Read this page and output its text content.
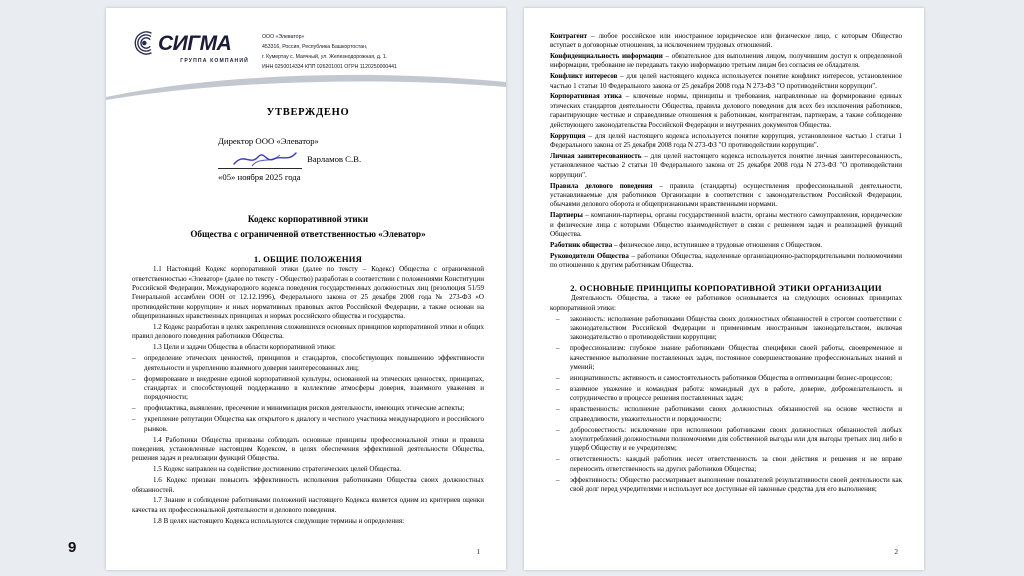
9
СИГМА
ГРУППА КОМПАНИЙ
ООО «Элеватор»
453316, Россия, Республика Башкортостан,
г. Кумертау с. Маячный, ул. Железнодорожная, д. 1.
ИНН 0250014334 КПП 026201001 ОГРН 1120250000441
УТВЕРЖДЕНО
Директор ООО «Элеватор»
Варламов С.В.
«05» ноября 2025 года
Кодекс корпоративной этики
Общества с ограниченной ответственностью «Элеватор»
1. ОБЩИЕ ПОЛОЖЕНИЯ

1.1 Настоящий Кодекс корпоративной этики (далее по тексту – Кодекс) Общества с ограниченной ответственностью «Элеватор» (далее по тексту - Общество) разработан в соответствии с положениями Конституции Российской Федерации, Международного кодекса поведения государственных должностных лиц (резолюция 51/59 Генеральной ассамблеи ООН от 12.12.1996), Федерального закона от 25 декабря 2008 года № 273-ФЗ «О противодействии коррупции» и иных нормативных правовых актов Российской Федерации, а также основан на общепризнанных нравственных принципах и нормах российского общества и государства.

1.2 Кодекс разработан в целях закрепления сложившихся основных принципов корпоративной этики и общих правил делового поведения работников Общества.

1.3 Цели и задачи Общества в области корпоративной этики:

– определение этических ценностей, принципов и стандартов, способствующих повышению эффективности деятельности и укреплению взаимного доверия заинтересованных лиц;

– формирование и внедрение единой корпоративной культуры, основанной на этических ценностях, принципах, стандартах и способствующей поддержанию в коллективе атмосферы доверия, взаимного уважения и порядочности;

– профилактика, выявление, пресечение и минимизация рисков деятельности, имеющих этические аспекты;

– укрепление репутации Общества как открытого к диалогу и честного участника международного и российского рынков.

1.4 Работники Общества призваны соблюдать основные принципы профессиональной этики и правила поведения, установленные настоящим Кодексом, в целях обеспечения эффективной деятельности Общества, решения задач и реализации функций Общества.

1.5 Кодекс направлен на содействие достижению стратегических целей Общества.

1.6 Кодекс призван повысить эффективность исполнения работниками Общества своих должностных обязанностей.

1.7 Знание и соблюдение работниками положений настоящего Кодекса является одним из критериев оценки качества их профессиональной деятельности и делового поведения.

1.8 В целях настоящего Кодекса используются следующие термины и определения:

1

Контрагент – любое российское или иностранное юридическое или физическое лицо, с которым Общество вступает в договорные отношения, за исключением трудовых отношений.

Конфиденциальность информации – обязательное для выполнения лицом, получившим доступ к определенной информации, требование не передавать такую информацию третьим лицам без согласия ее обладателя.

Конфликт интересов – для целей настоящего кодекса используется понятие конфликт интересов, установленное частью 1 статьи 10 Федерального закона от 25 декабря 2008 года N 273-ФЗ "О противодействии коррупции".

Корпоративная этика – ключевые нормы, принципы и требования, направленные на формирование единых этических стандартов деятельности Общества, правила делового поведения для всех без исключения работников, гарантирующие честные и справедливые отношения к работникам, контрагентам, партнерам, а также соблюдение действующего законодательства Российской Федерации и внутренних документов Общества.

Коррупция – для целей настоящего кодекса используется понятие коррупция, установленное частью 1 статьи 1 Федерального закона от 25 декабря 2008 года N 273-ФЗ "О противодействии коррупции".

Личная заинтересованность – для целей настоящего кодекса используется понятие личная заинтересованность, установленное частью 2 статьи 10 Федерального закона от 25 декабря 2008 года N 273-ФЗ "О противодействии коррупции".

Правила делового поведения – правила (стандарты) осуществления профессиональной деятельности, устанавливаемые для работников Организации в соответствии с законодательством Российской Федерации, обычаями делового оборота и общепризнанными нравственными нормами.

Партнеры – компании-партнеры, органы государственной власти, органы местного самоуправления, юридические и физические лица с которыми Общество взаимодействует в связи с решением задач и реализацией функций Общества.

Работник общества – физическое лицо, вступившее в трудовые отношения с Обществом.

Руководители Общества – работники Общества, наделенные организационно-распорядительными полномочиями по отношению к другим работникам Общества.

2. ОСНОВНЫЕ ПРИНЦИПЫ КОРПОРАТИВНОЙ ЭТИКИ ОРГАНИЗАЦИИ

Деятельность Общества, а также ее работников основывается на следующих основных принципах корпоративной этики:

– законность: исполнение работниками Общества своих должностных обязанностей в строгом соответствии с законодательством Российской Федерации и применимым иностранным законодательством, включая законодательство о противодействии коррупции;

– профессионализм: глубокое знание работниками Общества специфики своей работы, своевременное и качественное выполнение поставленных задач, постоянное совершенствование профессиональных знаний и умений;

– инициативность: активность и самостоятельность работников Общества в оптимизации бизнес-процессов;

– взаимное уважение и командная работа: командный дух в работе, доверие, доброжелательность и сотрудничество в процессе решения поставленных задач;

– нравственность: исполнение работниками своих должностных обязанностей на основе честности и справедливости, уважительности и порядочности;

– добросовестность: исключение при исполнении работниками своих должностных обязанностей любых злоупотреблений должностными полномочиями для собственной выгоды или для выгоды третьих лиц либо в ущерб Обществу и ее учредителям;

– ответственность: каждый работник несет ответственность за свои действия и решения и не вправе переносить ответственность на других работников Общества;

– эффективность: Общество рассматривает выполнение показателей результативности своей деятельности как свой долг перед учредителями и использует все доступные ей законные средства для его выполнения;

2
